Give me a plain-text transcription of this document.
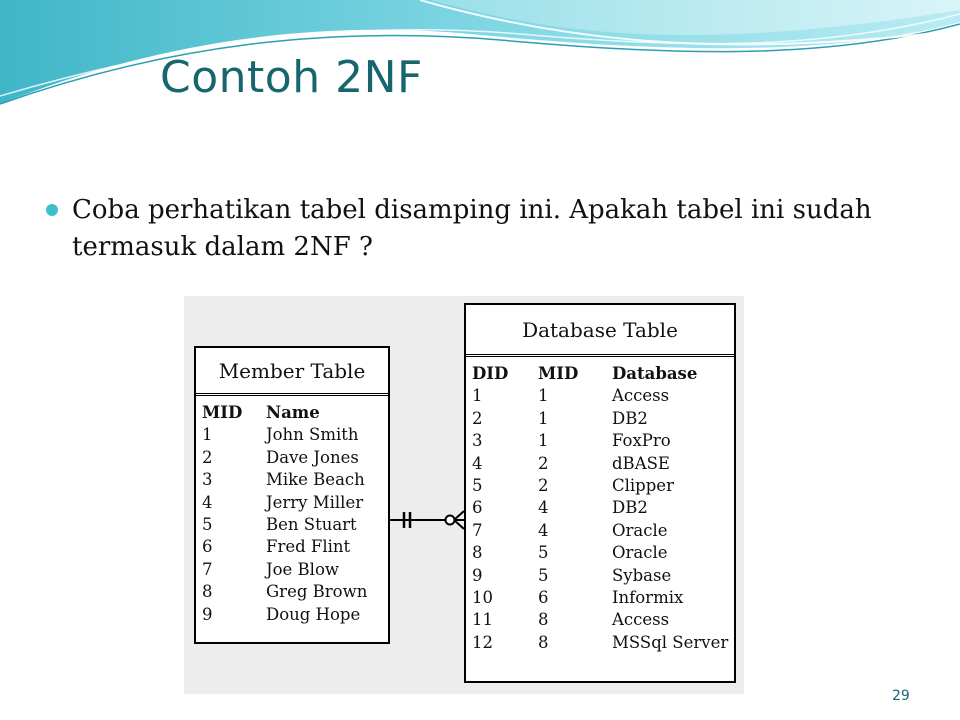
Contoh 2NF
Coba perhatikan tabel disamping ini. Apakah tabel ini sudah termasuk dalam 2NF ?
Member Table
MID	Name
1	John Smith
2	Dave Jones
3	Mike Beach
4	Jerry Miller
5	Ben Stuart
6	Fred Flint
7	Joe Blow
8	Greg Brown
9	Doug Hope
Database Table
DID	MID	Database
1	1	Access
2	1	DB2
3	1	FoxPro
4	2	dBASE
5	2	Clipper
6	4	DB2
7	4	Oracle
8	5	Oracle
9	5	Sybase
10	6	Informix
11	8	Access
12	8	MSSql Server
29
